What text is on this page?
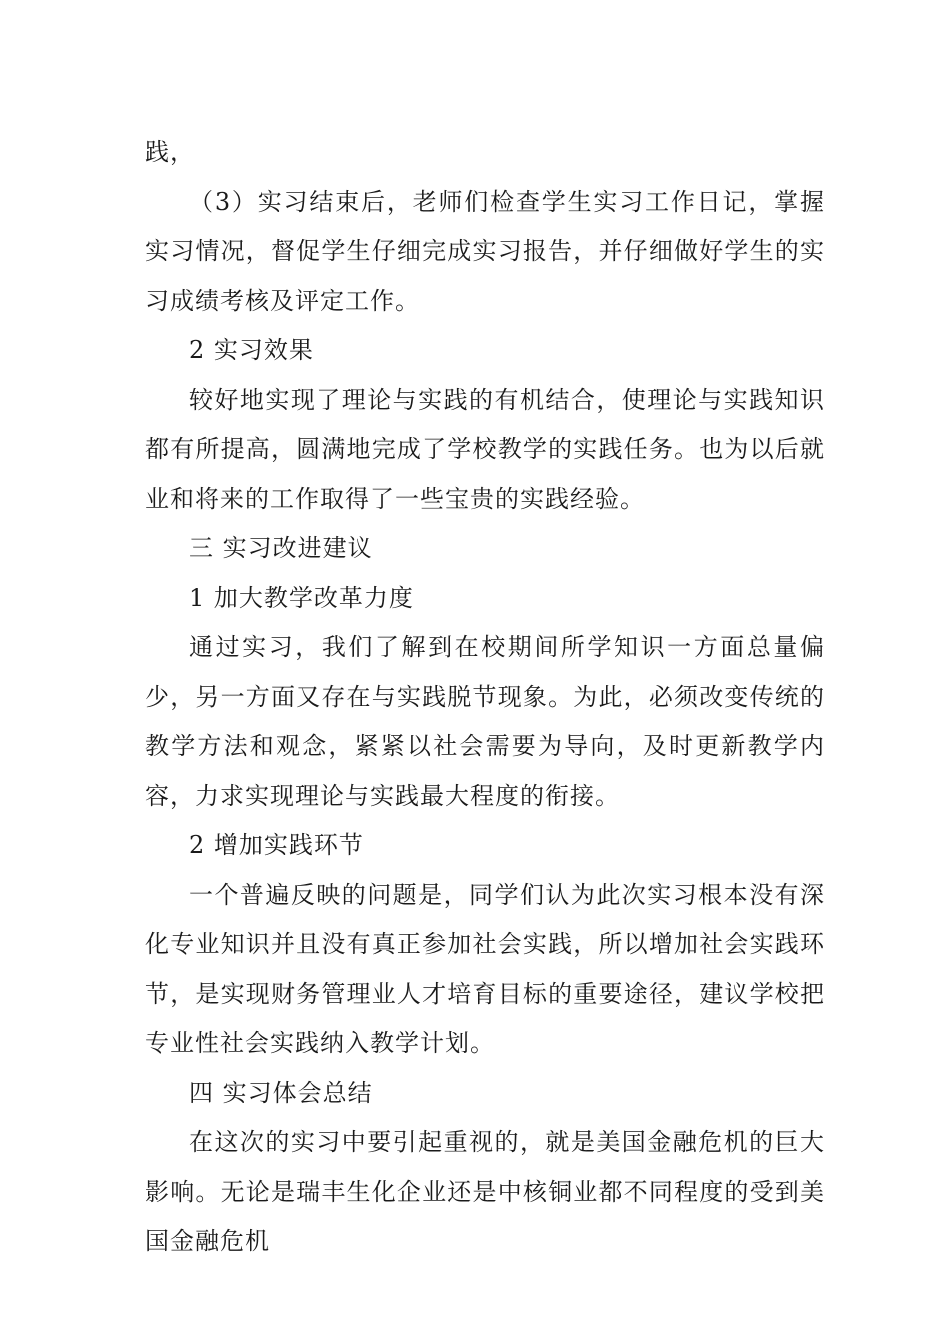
践，

（3）实习结束后，老师们检查学生实习工作日记，掌握实习情况，督促学生仔细完成实习报告，并仔细做好学生的实习成绩考核及评定工作。

2 实习效果

较好地实现了理论与实践的有机结合，使理论与实践知识都有所提高，圆满地完成了学校教学的实践任务。也为以后就业和将来的工作取得了一些宝贵的实践经验。

三 实习改进建议

1 加大教学改革力度

通过实习，我们了解到在校期间所学知识一方面总量偏少，另一方面又存在与实践脱节现象。为此，必须改变传统的教学方法和观念，紧紧以社会需要为导向，及时更新教学内容，力求实现理论与实践最大程度的衔接。

2 增加实践环节

一个普遍反映的问题是，同学们认为此次实习根本没有深化专业知识并且没有真正参加社会实践，所以增加社会实践环节，是实现财务管理业人才培育目标的重要途径，建议学校把专业性社会实践纳入教学计划。

四 实习体会总结

在这次的实习中要引起重视的，就是美国金融危机的巨大影响。无论是瑞丰生化企业还是中核铜业都不同程度的受到美国金融危机
